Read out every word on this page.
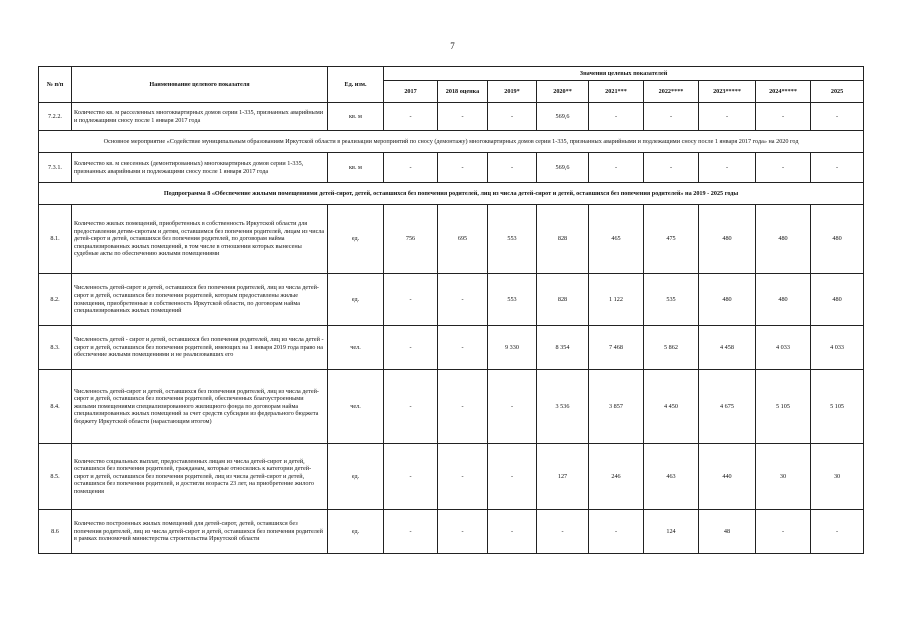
7
№ п/п	Наименование целевого показателя	Ед. изм.	Значения целевых показателей								
			2017	2018 оценка	2019*	2020**	2021***	2022****	2023*****	2024*****	2025
7.2.2.	Количество кв. м расселенных многоквартирных домов серии 1-335, признанных аварийными и подлежащими сносу после 1 января 2017 года	кв. м	-	-	-	569,6	-	-	-	-	-
Основное мероприятие «Содействие муниципальным образованиям Иркутской области в реализации мероприятий по сносу (демонтажу) многоквартирных домов серии 1-335, признанных аварийными и подлежащими сносу после 1 января 2017 года» на 2020 год											
7.3.1.	Количество кв. м снесенных (демонтированных) многоквартирных домов серии 1-335, признанных аварийными и подлежащими сносу после 1 января 2017 года	кв. м	-	-	-	569,6	-	-	-	-	-
Подпрограмма 8 «Обеспечение жилыми помещениями детей-сирот, детей, оставшихся без попечения родителей, лиц из числа детей-сирот и детей, оставшихся без попечения родителей» на 2019 - 2025 годы											
8.1.	Количество жилых помещений, приобретенных в собственность Иркутской области для предоставления детям-сиротам и детям, оставшимся без попечения родителей, лицам из числа детей-сирот и детей, оставшихся без попечения родителей, по договорам найма специализированных жилых помещений, в том числе в отношении которых вынесены судебные акты по обеспечению жилыми помещениями	ед.	756	695	553	828	465	475	480	480	480
8.2.	Численность детей-сирот и детей, оставшихся без попечения родителей, лиц из числа детей-сирот и детей, оставшихся без попечения родителей, которым предоставлены жилые помещения, приобретенные в собственность Иркутской области, по договорам найма специализированных жилых помещений	ед.	-	-	553	828	1 122	535	480	480	480
8.3.	Численность детей - сирот и детей, оставшихся без попечения родителей, лиц из числа детей - сирот и детей, оставшихся без попечения родителей, имеющих на 1 января 2019 года право на обеспечение жилыми помещениями и не реализовавших его	чел.	-	-	9 330	8 354	7 468	5 862	4 458	4 033	4 033
8.4.	Численность детей-сирот и детей, оставшихся без попечения родителей, лиц из числа детей-сирот и детей, оставшихся без попечения родителей, обеспеченных благоустроенными жилыми помещениями специализированного жилищного фонда по договорам найма специализированных жилых помещений за счет средств субсидии из федерального бюджета бюджету Иркутской области (нарастающим итогом)	чел.	-	-	-	3 536	3 857	4 450	4 675	5 105	5 105
8.5.	Количество социальных выплат, предоставленных лицам из числа детей-сирот и детей, оставшихся без попечения родителей, гражданам, которые относились к категории детей-сирот и детей, оставшихся без попечения родителей, лиц из числа детей-сирот и детей, оставшихся без попечения родителей, и достигли возраста 23 лет, на приобретение жилого помещения	ед.	-	-	-	127	246	463	440	30	30
8.6	Количество построенных жилых помещений для детей-сирот, детей, оставшихся без попечения родителей, лиц из числа детей-сирот и детей, оставшихся без попечения родителей в рамках полномочий министерства строительства Иркутской области	ед.	-	-	-	-	-	124	48	-	-
